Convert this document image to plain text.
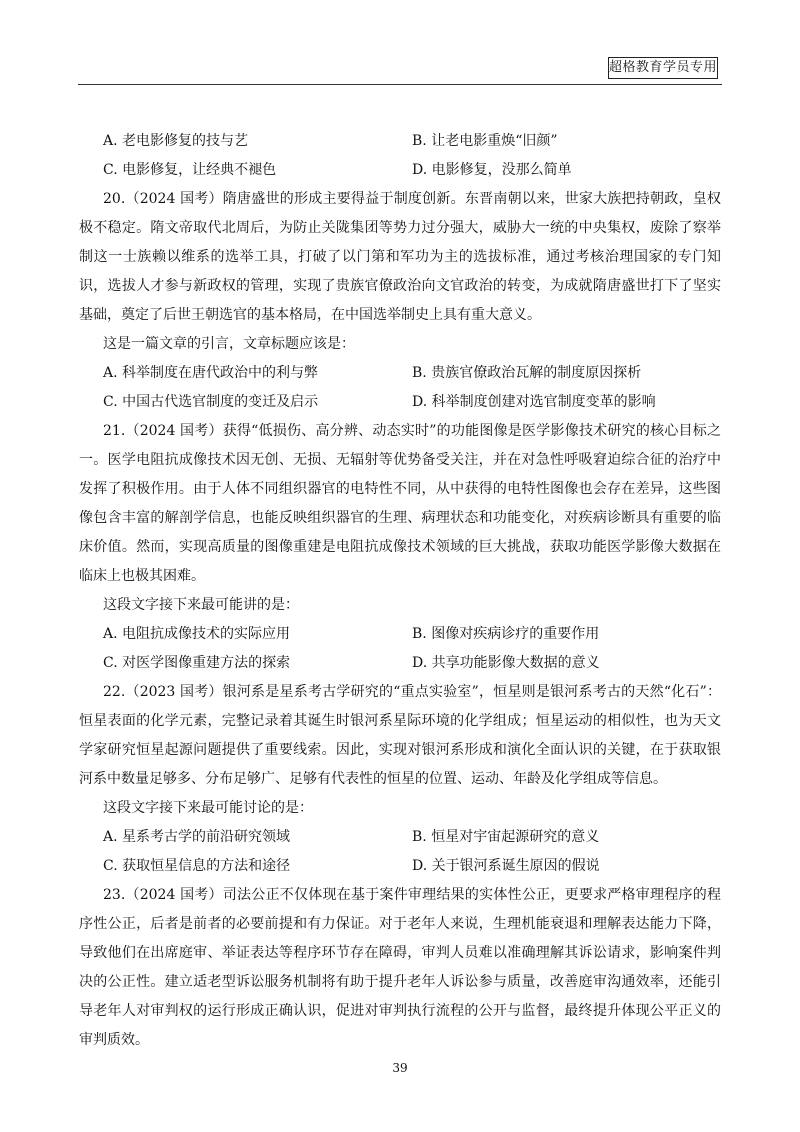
超格教育学员专用
A. 老电影修复的技与艺	B. 让老电影重焕“旧颜”
C. 电影修复，让经典不褪色	D. 电影修复，没那么简单

20.（2024 国考）隋唐盛世的形成主要得益于制度创新。东晋南朝以来，世家大族把持朝政，皇权极不稳定。隋文帝取代北周后，为防止关陇集团等势力过分强大，威胁大一统的中央集权，废除了察举制这一士族赖以维系的选举工具，打破了以门第和军功为主的选拔标准，通过考核治理国家的专门知识，选拔人才参与新政权的管理，实现了贵族官僚政治向文官政治的转变，为成就隋唐盛世打下了坚实基础，奠定了后世王朝选官的基本格局，在中国选举制史上具有重大意义。

这是一篇文章的引言，文章标题应该是：

A. 科举制度在唐代政治中的利与弊	B. 贵族官僚政治瓦解的制度原因探析
C. 中国古代选官制度的变迁及启示	D. 科举制度创建对选官制度变革的影响

21.（2024 国考）获得“低损伤、高分辨、动态实时”的功能图像是医学影像技术研究的核心目标之一。医学电阻抗成像技术因无创、无损、无辐射等优势备受关注，并在对急性呼吸窘迫综合征的治疗中发挥了积极作用。由于人体不同组织器官的电特性不同，从中获得的电特性图像也会存在差异，这些图像包含丰富的解剖学信息，也能反映组织器官的生理、病理状态和功能变化，对疾病诊断具有重要的临床价值。然而，实现高质量的图像重建是电阻抗成像技术领域的巨大挑战，获取功能医学影像大数据在临床上也极其困难。

这段文字接下来最可能讲的是：

A. 电阻抗成像技术的实际应用	B. 图像对疾病诊疗的重要作用
C. 对医学图像重建方法的探索	D. 共享功能影像大数据的意义

22.（2023 国考）银河系是星系考古学研究的“重点实验室”，恒星则是银河系考古的天然“化石”：恒星表面的化学元素，完整记录着其诞生时银河系星际环境的化学组成；恒星运动的相似性，也为天文学家研究恒星起源问题提供了重要线索。因此，实现对银河系形成和演化全面认识的关键，在于获取银河系中数量足够多、分布足够广、足够有代表性的恒星的位置、运动、年龄及化学组成等信息。

这段文字接下来最可能讨论的是：

A. 星系考古学的前沿研究领域	B. 恒星对宇宙起源研究的意义
C. 获取恒星信息的方法和途径	D. 关于银河系诞生原因的假说

23.（2024 国考）司法公正不仅体现在基于案件审理结果的实体性公正，更要求严格审理程序的程序性公正，后者是前者的必要前提和有力保证。对于老年人来说，生理机能衰退和理解表达能力下降，导致他们在出席庭审、举证表达等程序环节存在障碍，审判人员难以准确理解其诉讼请求，影响案件判决的公正性。建立适老型诉讼服务机制将有助于提升老年人诉讼参与质量，改善庭审沟通效率，还能引导老年人对审判权的运行形成正确认识，促进对审判执行流程的公开与监督，最终提升体现公平正义的审判质效。

39
